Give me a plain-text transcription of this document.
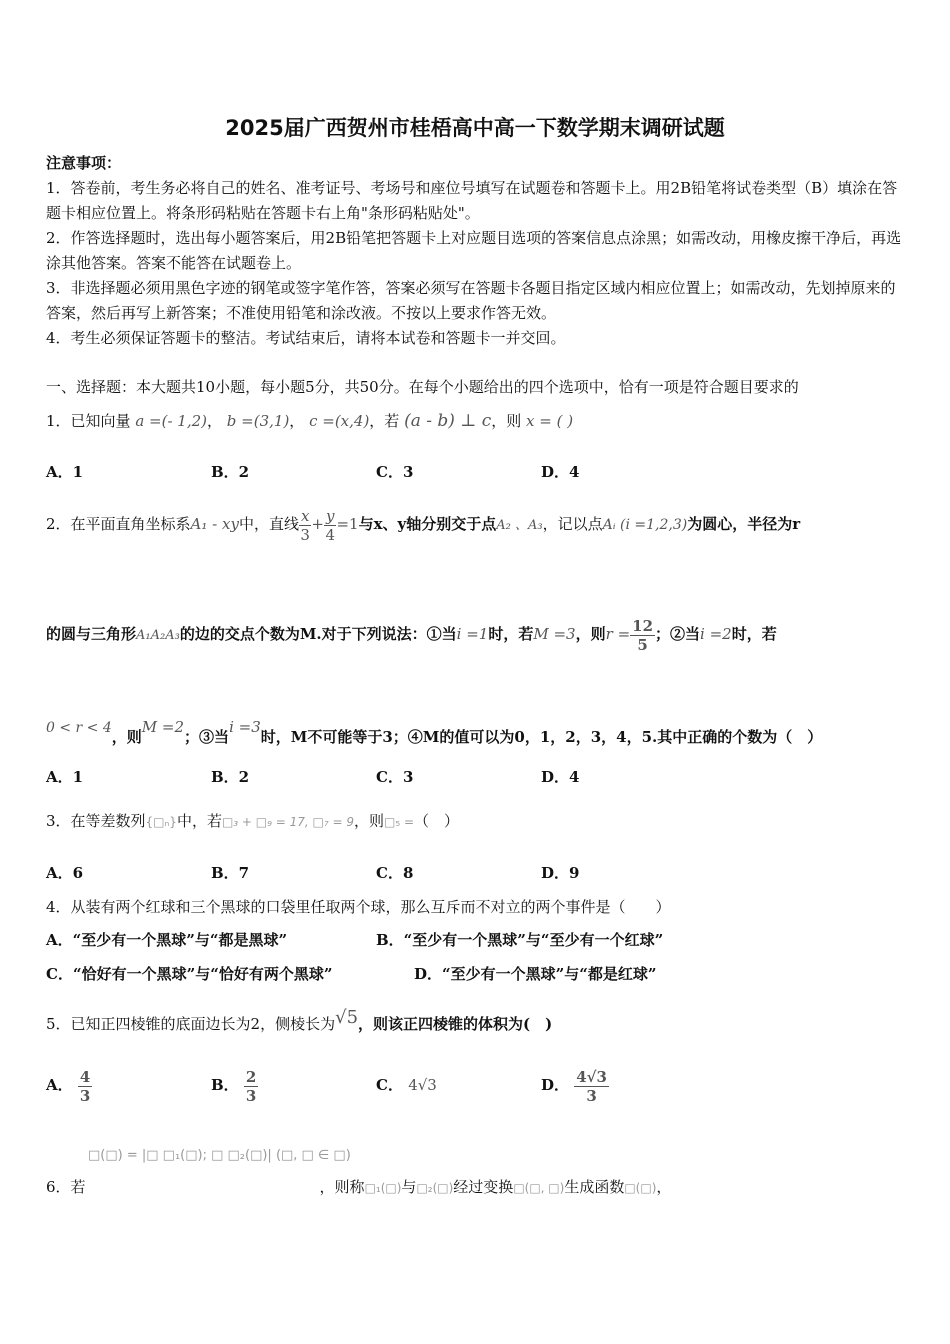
2025届广西贺州市桂梧高中高一下数学期末调研试题
注意事项：
1．答卷前，考生务必将自己的姓名、准考证号、考场号和座位号填写在试题卷和答题卡上。用2B铅笔将试卷类型（B）填涂在答题卡相应位置上。将条形码粘贴在答题卡右上角"条形码粘贴处"。
2．作答选择题时，选出每小题答案后，用2B铅笔把答题卡上对应题目选项的答案信息点涂黑；如需改动，用橡皮擦干净后，再选涂其他答案。答案不能答在试题卷上。
3．非选择题必须用黑色字迹的钢笔或签字笔作答，答案必须写在答题卡各题目指定区域内相应位置上；如需改动，先划掉原来的答案，然后再写上新答案；不准使用铅笔和涂改液。不按以上要求作答无效。
4．考生必须保证答题卡的整洁。考试结束后，请将本试卷和答题卡一并交回。
一、选择题：本大题共10小题，每小题5分，共50分。在每个小题给出的四个选项中，恰有一项是符合题目要求的
1．已知向量 a =(- 1,2)， b =(3,1)， c =(x,4)，若 (a - b) ⊥ c，则 x = ( )
A．1	B．2	C．3	D．4
2．在平面直角坐标系A₁ - xy中，直线 $\frac{x}{3} + \frac{y}{4} =1$与x、y轴分别交于点A₂ 、A₃，记以点Aᵢ (i =1,2,3)为圆心，半径为r
的圆与三角形A₁A₂A₃的边的交点个数为M.对于下列说法：①当i =1时，若M =3，则$r = \frac{12}{5}$ ；②当i =2时，若
0 < r < 4，则M =2；③当i =3时，M不可能等于3；④M的值可以为0，1，2，3，4，5.其中正确的个数为（　）
A．1	B．2	C．3	D．4
3．在等差数列{□ₙ}中，若□₃ + □₉ = 17, □₇ = 9，则□₅ =（　）
A．6	B．7	C．8	D．9
4．从装有两个红球和三个黑球的口袋里任取两个球，那么互斥而不对立的两个事件是（　　）
A．“至少有一个黑球”与“都是黑球”	B．“至少有一个黑球”与“至少有一个红球”
C．“恰好有一个黑球”与“恰好有两个黑球”	D．“至少有一个黑球”与“都是红球”
5．已知正四棱锥的底面边长为2，侧棱长为√5，则该正四棱锥的体积为(　)
A． $\frac{4}{3}$	B． $\frac{2}{3}$	C． 4√3	D． $\frac{4√3}{3}$
□(□) = |□ □₁(□); □ □₂(□)| (□, □ ∈ □)
6．若	，则称□₁(□)与□₂(□)经过变换□(□, □)生成函数□(□)，
